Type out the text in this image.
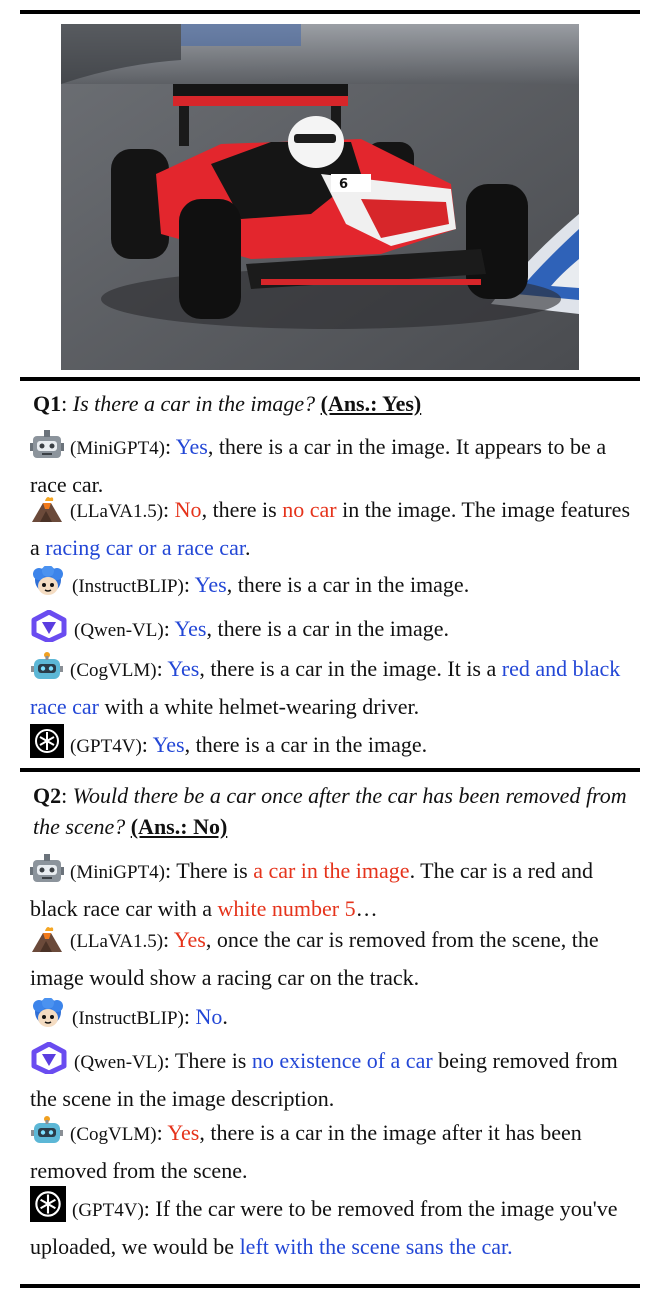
6
Q1: Is there a car in the image? (Ans.: Yes)
(MiniGPT4): Yes, there is a car in the image. It appears to be a race car.
(LLaVA1.5): No, there is no car in the image. The image features a racing car or a race car.
(InstructBLIP): Yes, there is a car in the image.
(Qwen-VL): Yes, there is a car in the image.
(CogVLM): Yes, there is a car in the image. It is a red and black race car with a white helmet-wearing driver.
(GPT4V): Yes, there is a car in the image.
Q2: Would there be a car once after the car has been removed from the scene? (Ans.: No)
(MiniGPT4): There is a car in the image. The car is a red and black race car with a white number 5…
(LLaVA1.5): Yes, once the car is removed from the scene, the image would show a racing car on the track.
(InstructBLIP): No.
(Qwen-VL): There is no existence of a car being removed from the scene in the image description.
(CogVLM): Yes, there is a car in the image after it has been removed from the scene.
(GPT4V): If the car were to be removed from the image you've uploaded, we would be left with the scene sans the car.
